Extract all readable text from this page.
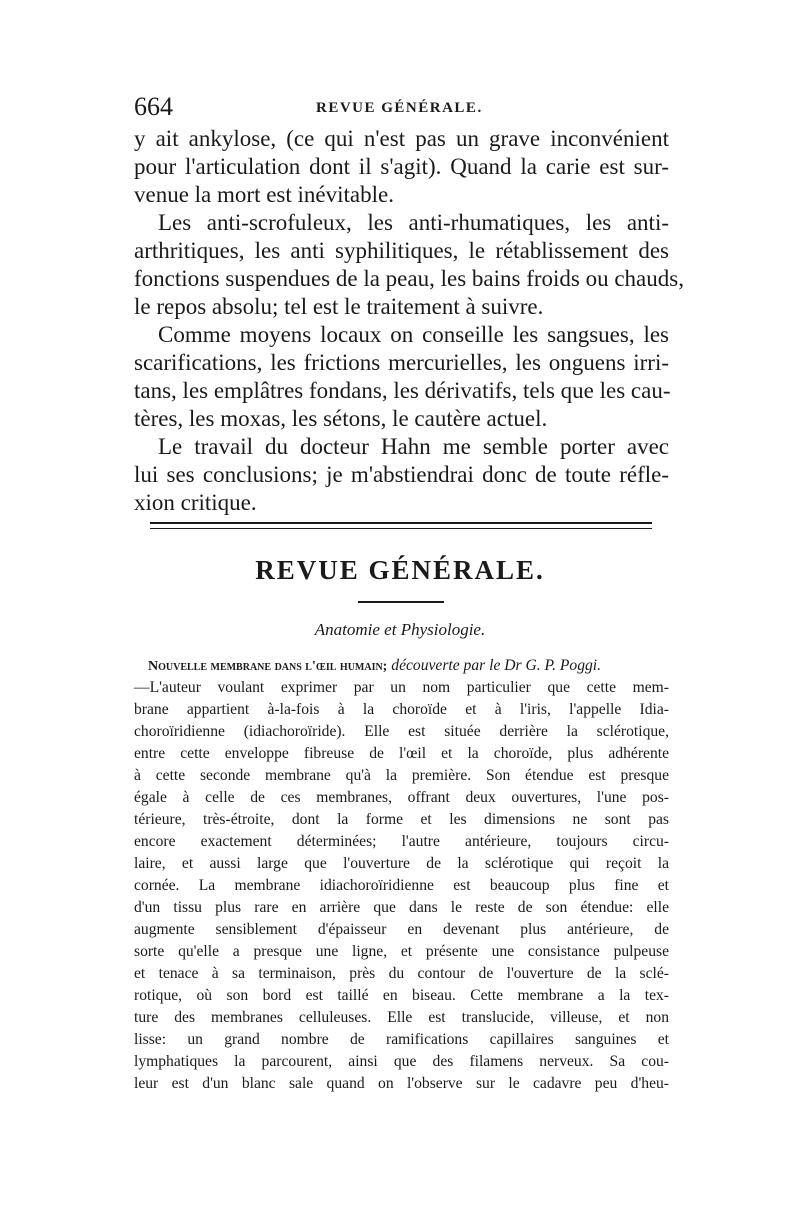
664	REVUE GÉNÉRALE.
y ait ankylose, (ce qui n'est pas un grave inconvénient
pour l'articulation dont il s'agit). Quand la carie est sur-
venue la mort est inévitable.
Les anti-scrofuleux, les anti-rhumatiques, les anti-
arthritiques, les anti syphilitiques, le rétablissement des
fonctions suspendues de la peau, les bains froids ou chauds,
le repos absolu; tel est le traitement à suivre.
Comme moyens locaux on conseille les sangsues, les
scarifications, les frictions mercurielles, les onguens irri-
tans, les emplâtres fondans, les dérivatifs, tels que les cau-
tères, les moxas, les sétons, le cautère actuel.
Le travail du docteur Hahn me semble porter avec
lui ses conclusions; je m'abstiendrai donc de toute réfle-
xion critique.
REVUE GÉNÉRALE.
Anatomie et Physiologie.
Nouvelle membrane dans l'œil humain; découverte par le Dr G. P. Poggi.
—L'auteur voulant exprimer par un nom particulier que cette mem-
brane appartient à-la-fois à la choroïde et à l'iris, l'appelle Idia-
choroïridienne (idiachoroïride). Elle est située derrière la sclérotique,
entre cette enveloppe fibreuse de l'œil et la choroïde, plus adhérente
à cette seconde membrane qu'à la première. Son étendue est presque
égale à celle de ces membranes, offrant deux ouvertures, l'une pos-
térieure, très-étroite, dont la forme et les dimensions ne sont pas
encore exactement déterminées; l'autre antérieure, toujours circu-
laire, et aussi large que l'ouverture de la sclérotique qui reçoit la
cornée. La membrane idiachoroïridienne est beaucoup plus fine et
d'un tissu plus rare en arrière que dans le reste de son étendue: elle
augmente sensiblement d'épaisseur en devenant plus antérieure, de
sorte qu'elle a presque une ligne, et présente une consistance pulpeuse
et tenace à sa terminaison, près du contour de l'ouverture de la sclé-
rotique, où son bord est taillé en biseau. Cette membrane a la tex-
ture des membranes celluleuses. Elle est translucide, villeuse, et non
lisse: un grand nombre de ramifications capillaires sanguines et
lymphatiques la parcourent, ainsi que des filamens nerveux. Sa cou-
leur est d'un blanc sale quand on l'observe sur le cadavre peu d'heu-
